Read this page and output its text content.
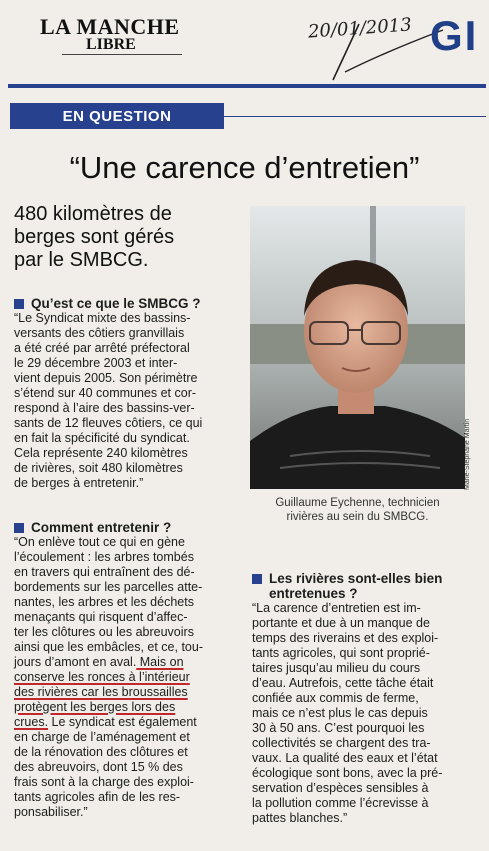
LA MANCHE
LIBRE
20/01/2013 GI
EN QUESTION
“Une carence d’entretien”
480 kilomètres de
berges sont gérés
par le SMBCG.
Marie-Stéphane Martin
Guillaume Eychenne, technicien
rivières au sein du SMBCG.

Qu’est ce que le SMBCG ?

“Le Syndicat mixte des bassins-
versants des côtiers granvillais
a été créé par arrêté préfectoral
le 29 décembre 2003 et inter-
vient depuis 2005. Son périmètre
s’étend sur 40 communes et cor-
respond à l’aire des bassins-ver-
sants de 12 fleuves côtiers, ce qui
en fait la spécificité du syndicat.
Cela représente 240 kilomètres
de rivières, soit 480 kilomètres
de berges à entretenir.”

Comment entretenir ?

“On enlève tout ce qui en gène
l’écoulement : les arbres tombés
en travers qui entraînent des dé-
bordements sur les parcelles atte-
nantes, les arbres et les déchets
menaçants qui risquent d’affec-
ter les clôtures ou les abreuvoirs
ainsi que les embâcles, et ce, tou-
jours d’amont en aval. Mais on
conserve les ronces à l’intérieur
des rivières car les broussailles
protègent les berges lors des
crues. Le syndicat est également
en charge de l’aménagement et
de la rénovation des clôtures et
des abreuvoirs, dont 15 % des
frais sont à la charge des exploi-
tants agricoles afin de les res-
ponsabiliser.”

Les rivières sont-elles bien

entretenues ?

“La carence d’entretien est im-
portante et due à un manque de
temps des riverains et des exploi-
tants agricoles, qui sont proprié-
taires jusqu’au milieu du cours
d’eau. Autrefois, cette tâche était
confiée aux commis de ferme,
mais ce n’est plus le cas depuis
30 à 50 ans. C’est pourquoi les
collectivités se chargent des tra-
vaux. La qualité des eaux et l’état
écologique sont bons, avec la pré-
servation d’espèces sensibles à
la pollution comme l’écrevisse à
pattes blanches.”
